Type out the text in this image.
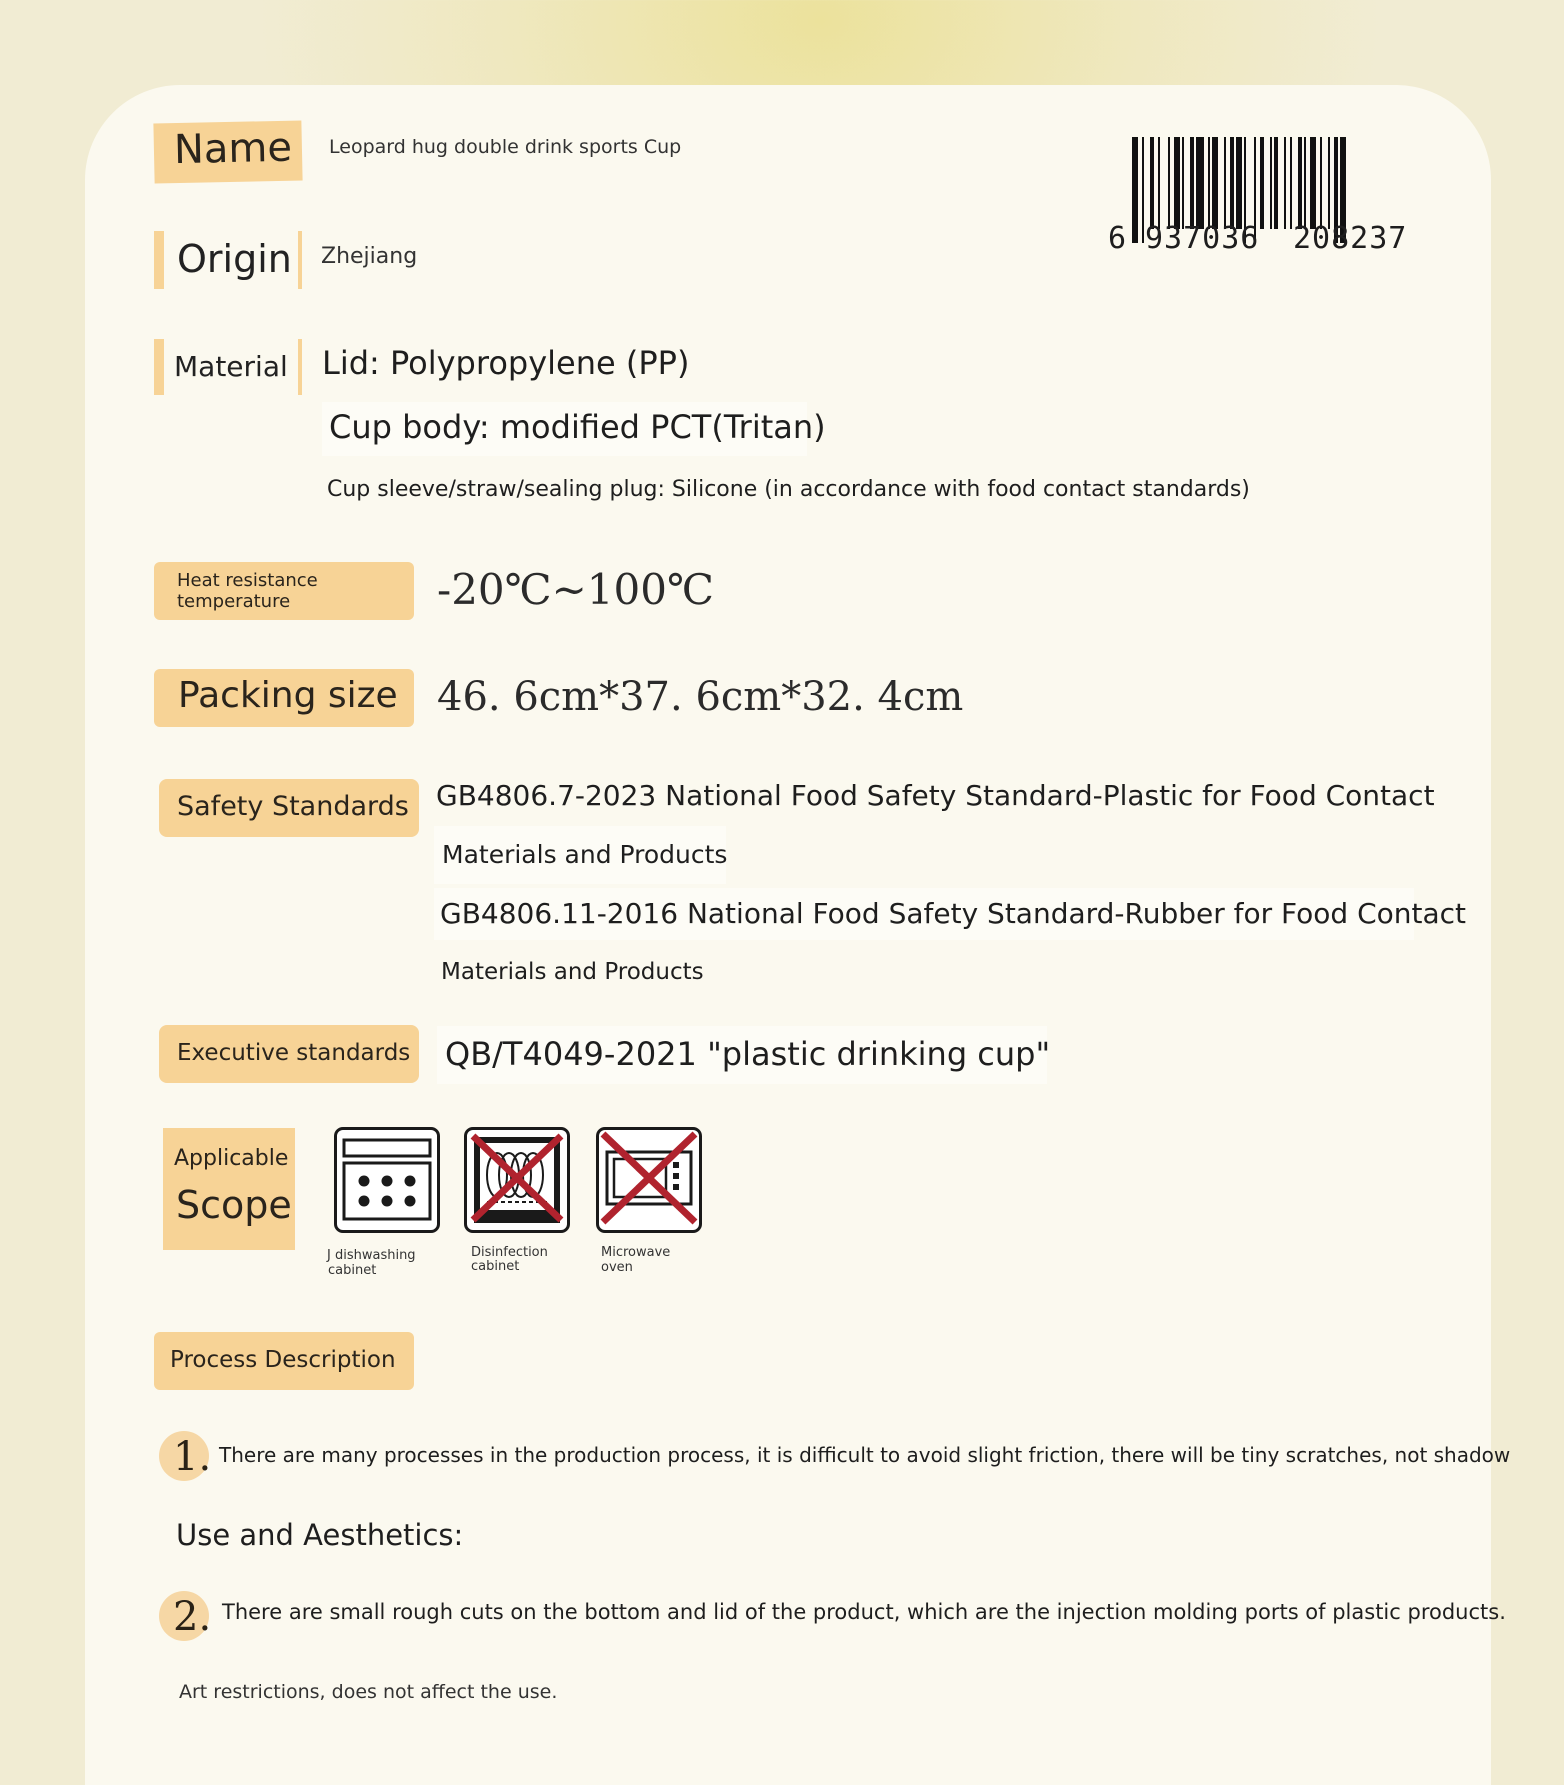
Name Leopard hug double drink sports Cup
6 937036 208237
Origin Zhejiang
Material Lid: Polypropylene (PP)
Cup body: modified PCT(Tritan)
Cup sleeve/straw/sealing plug: Silicone (in accordance with food contact standards)
Heat resistance
temperature	-20℃~100℃
Packing size 46. 6cm*37. 6cm*32. 4cm
Safety Standards GB4806.7-2023 National Food Safety Standard-Plastic for Food Contact
Materials and Products
GB4806.11-2016 National Food Safety Standard-Rubber for Food Contact
Materials and Products
Executive standards QB/T4049-2021 "plastic drinking cup"
Applicable
Scope
J dishwashing
cabinet
Disinfection
cabinet
Microwave
oven
Process Description
1. There are many processes in the production process, it is difficult to avoid slight friction, there will be tiny scratches, not shadow
Use and Aesthetics:
2. There are small rough cuts on the bottom and lid of the product, which are the injection molding ports of plastic products.
Art restrictions, does not affect the use.
